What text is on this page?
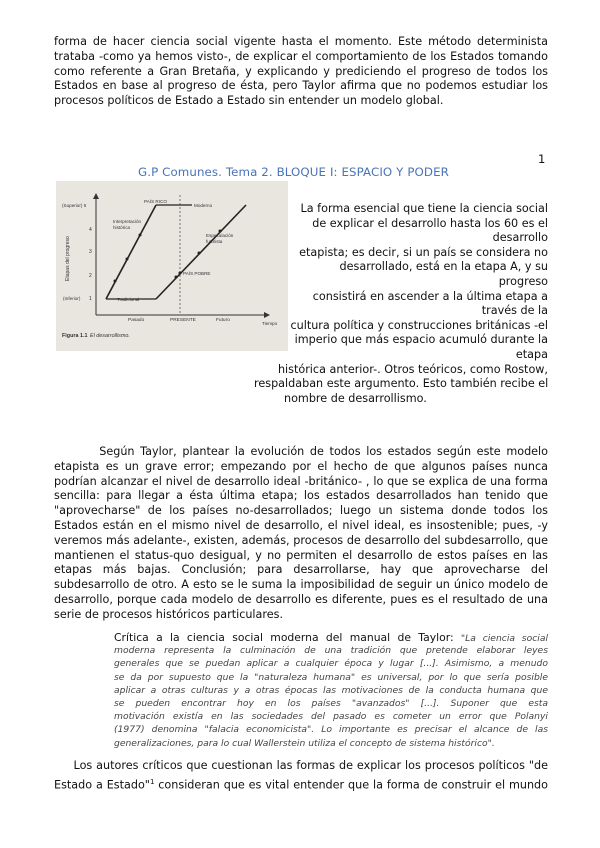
forma de hacer ciencia social vigente hasta el momento. Este método determinista
trataba -como ya hemos visto-, de explicar el comportamiento de los Estados tomando
como referente a Gran Bretaña, y explicando y prediciendo el progreso de todos los
Estados en base al progreso de ésta, pero Taylor afirma que no podemos estudiar los
procesos políticos de Estado a Estado sin entender un modelo global.
1
G.P Comunes. Tema 2. BLOQUE I: ESPACIO Y PODER
Etapas del progreso
(Superior) 5
(Inferior)
4
3
2
1
PAÍS RICO
Moderno
Interpretación
histórica
Especulación
futurista
PAÍS POBRE
Tradicional
Pasado	PRESENTE	Futuro
Tiempo
Figura 1.1 El desarrollismo.
La forma esencial que tiene la ciencia social
de explicar el desarrollo hasta los 60 es el
desarrollo
etapista; es decir, si un país se considera no
desarrollado, está en la etapa A, y su
progreso
consistirá en ascender a la última etapa a
través de la
cultura política y construcciones británicas -el
imperio que más espacio acumuló durante la
etapa
histórica anterior-. Otros teóricos, como Rostow,
respaldaban este argumento. Esto también recibe el
nombre de desarrollismo.
Según Taylor, plantear la evolución de todos los estados según este modelo
etapista es un grave error; empezando por el hecho de que algunos países nunca
podrían alcanzar el nivel de desarrollo ideal -británico- , lo que se explica de una forma
sencilla: para llegar a ésta última etapa; los estados desarrollados han tenido que
"aprovecharse" de los países no-desarrollados; luego un sistema donde todos los
Estados están en el mismo nivel de desarrollo, el nivel ideal, es insostenible; pues, -y
veremos más adelante-, existen, además, procesos de desarrollo del subdesarrollo, que
mantienen el status-quo desigual, y no permiten el desarrollo de estos países en las
etapas más bajas. Conclusión; para desarrollarse, hay que aprovecharse del
subdesarrollo de otro. A esto se le suma la imposibilidad de seguir un único modelo de
desarrollo, porque cada modelo de desarrollo es diferente, pues es el resultado de una
serie de procesos históricos particulares.
Crítica a la ciencia social moderna del manual de Taylor: "La ciencia social
moderna representa la culminación de una tradición que pretende elaborar leyes
generales que se puedan aplicar a cualquier época y lugar [...]. Asimismo, a menudo
se da por supuesto que la "naturaleza humana" es universal, por lo que sería posible
aplicar a otras culturas y a otras épocas las motivaciones de la conducta humana que
se pueden encontrar hoy en los países "avanzados" [...]. Suponer que esta
motivación existía en las sociedades del pasado es cometer un error que Polanyi
(1977) denomina "falacia economicista". Lo importante es precisar el alcance de las
generalizaciones, para lo cual Wallerstein utiliza el concepto de sistema histórico".
Los autores críticos que cuestionan las formas de explicar los procesos políticos "de
Estado a Estado"$^1$ consideran que es vital entender que la forma de construir el mundo
